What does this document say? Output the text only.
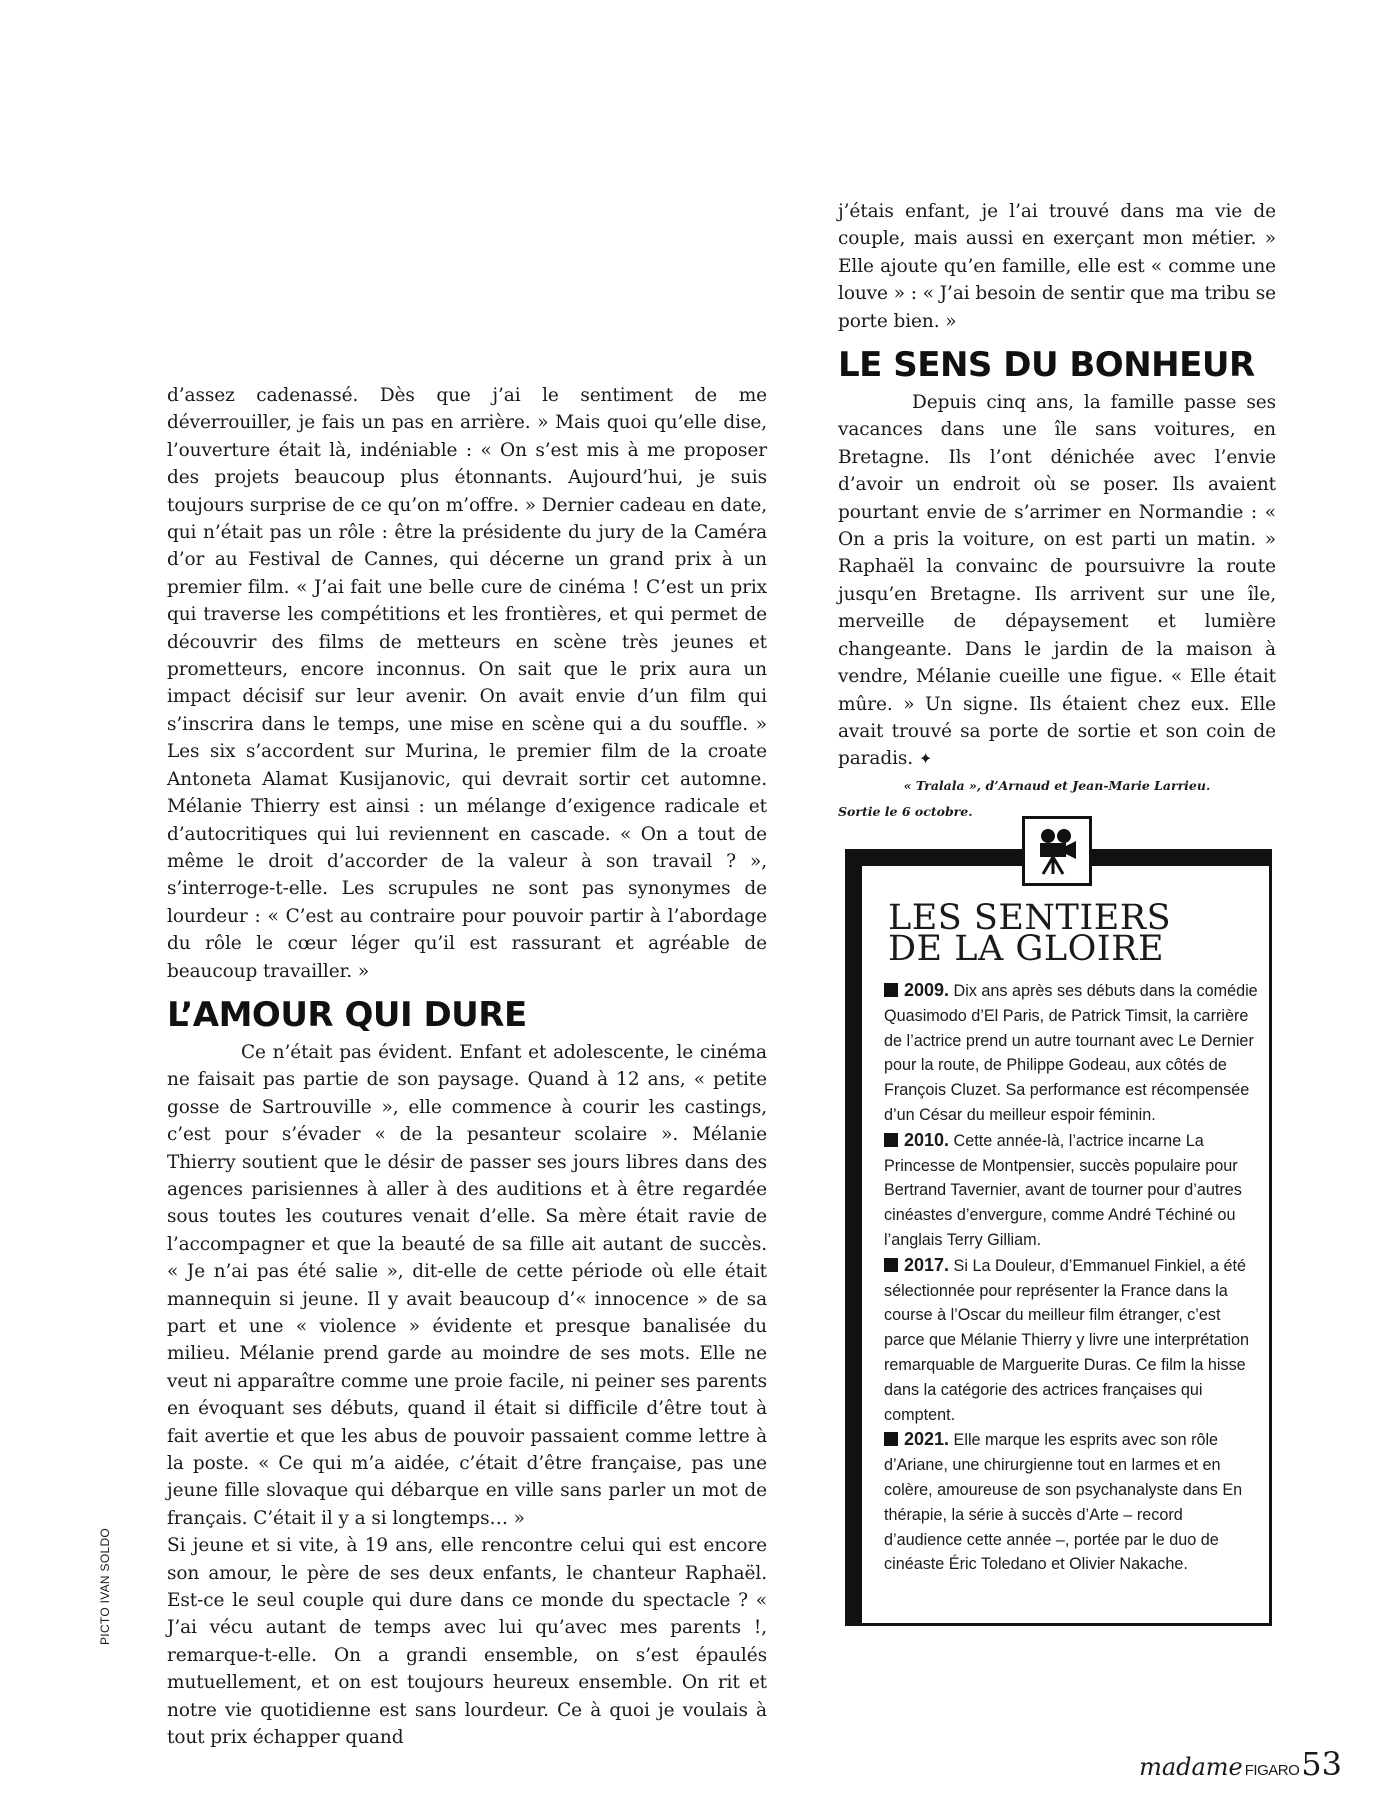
d’assez cadenassé. Dès que j’ai le sentiment de me déverrouiller, je fais un pas en arrière. » Mais quoi qu’elle dise, l’ouverture était là, indéniable : « On s’est mis à me proposer des projets beaucoup plus étonnants. Aujourd’hui, je suis toujours surprise de ce qu’on m’offre. » Dernier cadeau en date, qui n’était pas un rôle : être la présidente du jury de la Caméra d’or au Festival de Cannes, qui décerne un grand prix à un premier film. « J’ai fait une belle cure de cinéma ! C’est un prix qui traverse les compétitions et les frontières, et qui permet de découvrir des films de metteurs en scène très jeunes et prometteurs, encore inconnus. On sait que le prix aura un impact décisif sur leur avenir. On avait envie d’un film qui s’inscrira dans le temps, une mise en scène qui a du souffle. » Les six s’accordent sur Murina, le premier film de la croate Antoneta Alamat Kusijanovic, qui devrait sortir cet automne. Mélanie Thierry est ainsi : un mélange d’exigence radicale et d’autocritiques qui lui reviennent en cascade. « On a tout de même le droit d’accorder de la valeur à son travail ? », s’interroge-t-elle. Les scrupules ne sont pas synonymes de lourdeur : « C’est au contraire pour pouvoir partir à l’abordage du rôle le cœur léger qu’il est rassurant et agréable de beaucoup travailler. »

L’AMOUR QUI DURE

Ce n’était pas évident. Enfant et adolescente, le cinéma ne faisait pas partie de son paysage. Quand à 12 ans, « petite gosse de Sartrouville », elle commence à courir les castings, c’est pour s’évader « de la pesanteur scolaire ». Mélanie Thierry soutient que le désir de passer ses jours libres dans des agences parisiennes à aller à des auditions et à être regardée sous toutes les coutures venait d’elle. Sa mère était ravie de l’accompagner et que la beauté de sa fille ait autant de succès. « Je n’ai pas été salie », dit-elle de cette période où elle était mannequin si jeune. Il y avait beaucoup d’« innocence » de sa part et une « violence » évidente et presque banalisée du milieu. Mélanie prend garde au moindre de ses mots. Elle ne veut ni apparaître comme une proie facile, ni peiner ses parents en évoquant ses débuts, quand il était si difficile d’être tout à fait avertie et que les abus de pouvoir passaient comme lettre à la poste. « Ce qui m’a aidée, c’était d’être française, pas une jeune fille slovaque qui débarque en ville sans parler un mot de français. C’était il y a si longtemps… »

Si jeune et si vite, à 19 ans, elle rencontre celui qui est encore son amour, le père de ses deux enfants, le chanteur Raphaël. Est-ce le seul couple qui dure dans ce monde du spectacle ? « J’ai vécu autant de temps avec lui qu’avec mes parents !, remarque-t-elle. On a grandi ensemble, on s’est épaulés mutuellement, et on est toujours heureux ensemble. On rit et notre vie quotidienne est sans lourdeur. Ce à quoi je voulais à tout prix échapper quand

j’étais enfant, je l’ai trouvé dans ma vie de couple, mais aussi en exerçant mon métier. » Elle ajoute qu’en famille, elle est « comme une louve » : « J’ai besoin de sentir que ma tribu se porte bien. »

LE SENS DU BONHEUR

Depuis cinq ans, la famille passe ses vacances dans une île sans voitures, en Bretagne. Ils l’ont dénichée avec l’envie d’avoir un endroit où se poser. Ils avaient pourtant envie de s’arrimer en Normandie : « On a pris la voiture, on est parti un matin. » Raphaël la convainc de poursuivre la route jusqu’en Bretagne. Ils arrivent sur une île, merveille de dépaysement et lumière changeante. Dans le jardin de la maison à vendre, Mélanie cueille une figue. « Elle était mûre. » Un signe. Ils étaient chez eux. Elle avait trouvé sa porte de sortie et son coin de paradis. ✦

« Tralala », d’Arnaud et Jean-Marie Larrieu.

Sortie le 6 octobre.

LES SENTIERS
DE LA GLOIRE

2009. Dix ans après ses débuts dans la comédie Quasimodo d’El Paris, de Patrick Timsit, la carrière de l’actrice prend un autre tournant avec Le Dernier pour la route, de Philippe Godeau, aux côtés de François Cluzet. Sa performance est récompensée d’un César du meilleur espoir féminin.

2010. Cette année-là, l’actrice incarne La Princesse de Montpensier, succès populaire pour Bertrand Tavernier, avant de tourner pour d’autres cinéastes d’envergure, comme André Téchiné ou l’anglais Terry Gilliam.

2017. Si La Douleur, d’Emmanuel Finkiel, a été sélectionnée pour représenter la France dans la course à l’Oscar du meilleur film étranger, c’est parce que Mélanie Thierry y livre une interprétation remarquable de Marguerite Duras. Ce film la hisse dans la catégorie des actrices françaises qui comptent.

2021. Elle marque les esprits avec son rôle d’Ariane, une chirurgienne tout en larmes et en colère, amoureuse de son psychanalyste dans En thérapie, la série à succès d’Arte – record d’audience cette année –, portée par le duo de cinéaste Éric Toledano et Olivier Nakache.

PICTO IVAN SOLDO
madame FIGARO 53
